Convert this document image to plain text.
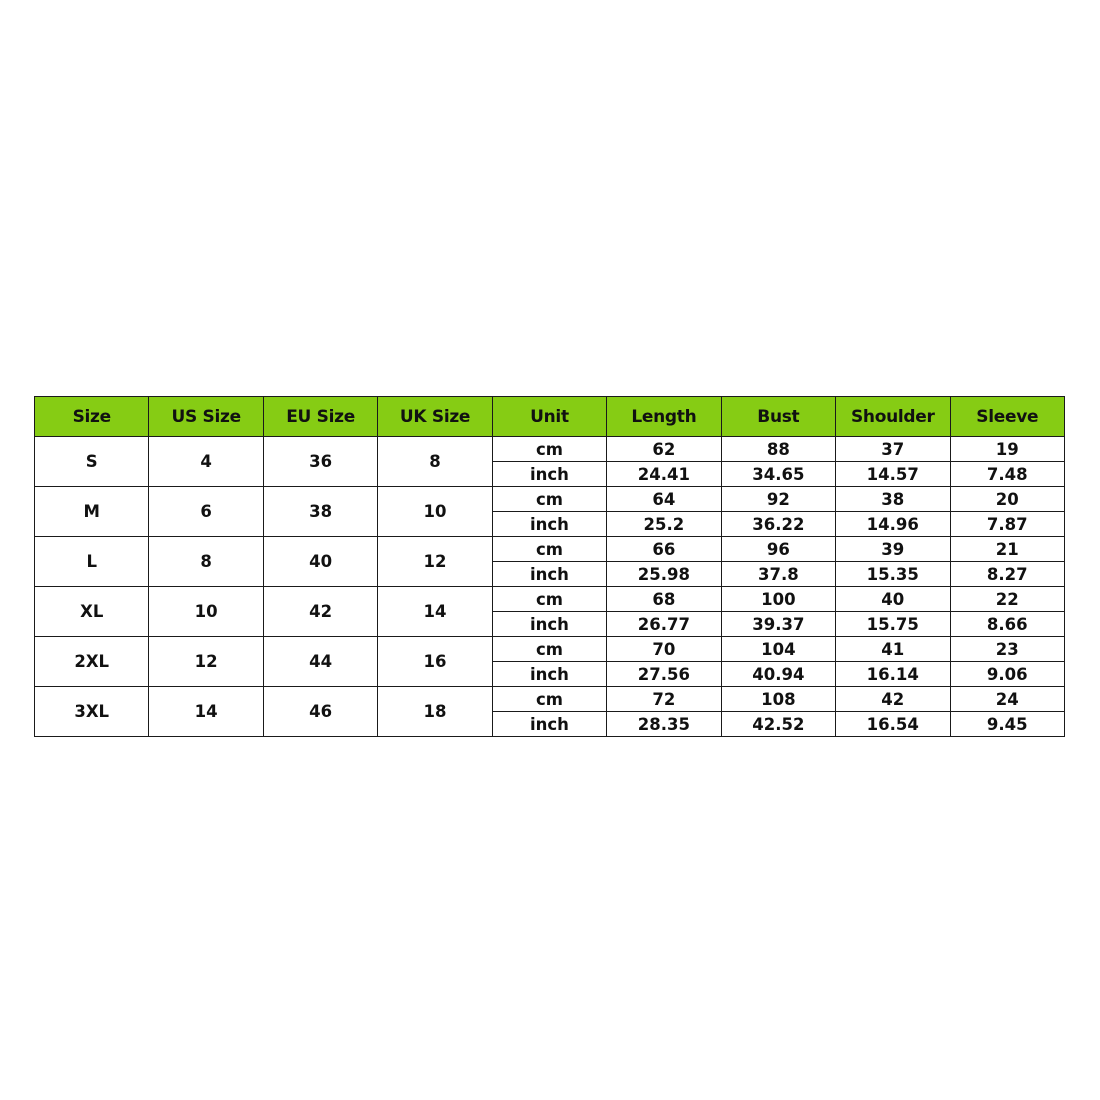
Size	US Size	EU Size	UK Size	Unit	Length	Bust	Shoulder	Sleeve
S	4	36	8	cm	62	88	37	19
				inch	24.41	34.65	14.57	7.48
M	6	38	10	cm	64	92	38	20
				inch	25.2	36.22	14.96	7.87
L	8	40	12	cm	66	96	39	21
				inch	25.98	37.8	15.35	8.27
XL	10	42	14	cm	68	100	40	22
				inch	26.77	39.37	15.75	8.66
2XL	12	44	16	cm	70	104	41	23
				inch	27.56	40.94	16.14	9.06
3XL	14	46	18	cm	72	108	42	24
				inch	28.35	42.52	16.54	9.45
